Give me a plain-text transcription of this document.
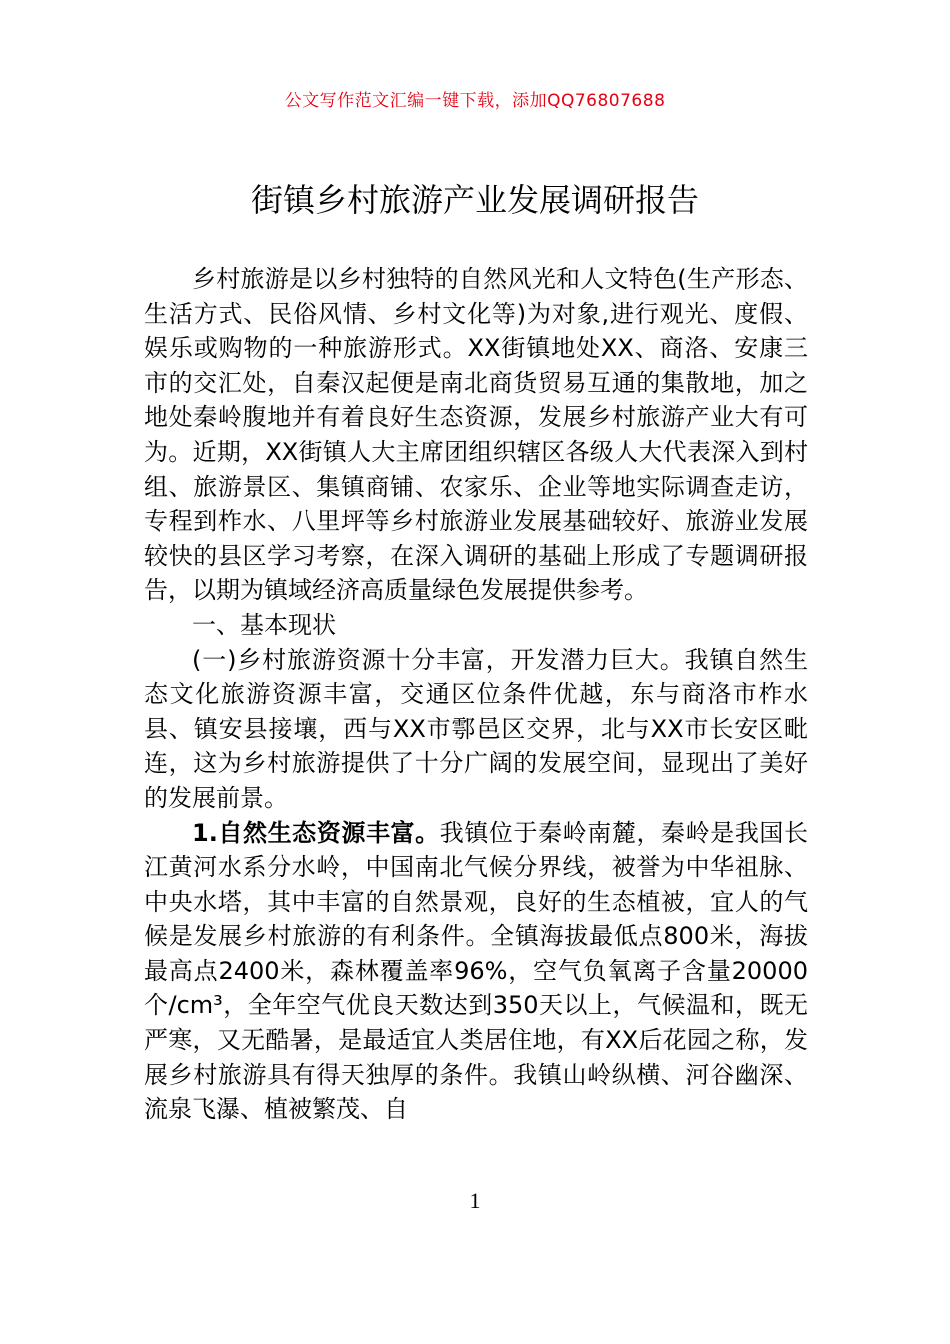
公文写作范文汇编一键下载，添加QQ76807688
街镇乡村旅游产业发展调研报告

乡村旅游是以乡村独特的自然风光和人文特色(生产形态、生活方式、民俗风情、乡村文化等)为对象,进行观光、度假、娱乐或购物的一种旅游形式。XX街镇地处XX、商洛、安康三市的交汇处，自秦汉起便是南北商货贸易互通的集散地，加之地处秦岭腹地并有着良好生态资源，发展乡村旅游产业大有可为。近期，XX街镇人大主席团组织辖区各级人大代表深入到村组、旅游景区、集镇商铺、农家乐、企业等地实际调查走访，专程到柞水、八里坪等乡村旅游业发展基础较好、旅游业发展较快的县区学习考察，在深入调研的基础上形成了专题调研报告，以期为镇域经济高质量绿色发展提供参考。

一、基本现状

(一)乡村旅游资源十分丰富，开发潜力巨大。我镇自然生态文化旅游资源丰富，交通区位条件优越，东与商洛市柞水县、镇安县接壤，西与XX市鄠邑区交界，北与XX市长安区毗连，这为乡村旅游提供了十分广阔的发展空间，显现出了美好的发展前景。

1.自然生态资源丰富。我镇位于秦岭南麓，秦岭是我国长江黄河水系分水岭，中国南北气候分界线，被誉为中华祖脉、中央水塔，其中丰富的自然景观，良好的生态植被，宜人的气候是发展乡村旅游的有利条件。全镇海拔最低点800米，海拔最高点2400米，森林覆盖率96%，空气负氧离子含量20000个/cm³，全年空气优良天数达到350天以上，气候温和，既无严寒，又无酷暑，是最适宜人类居住地，有XX后花园之称，发展乡村旅游具有得天独厚的条件。我镇山岭纵横、河谷幽深、流泉飞瀑、植被繁茂、自

1
